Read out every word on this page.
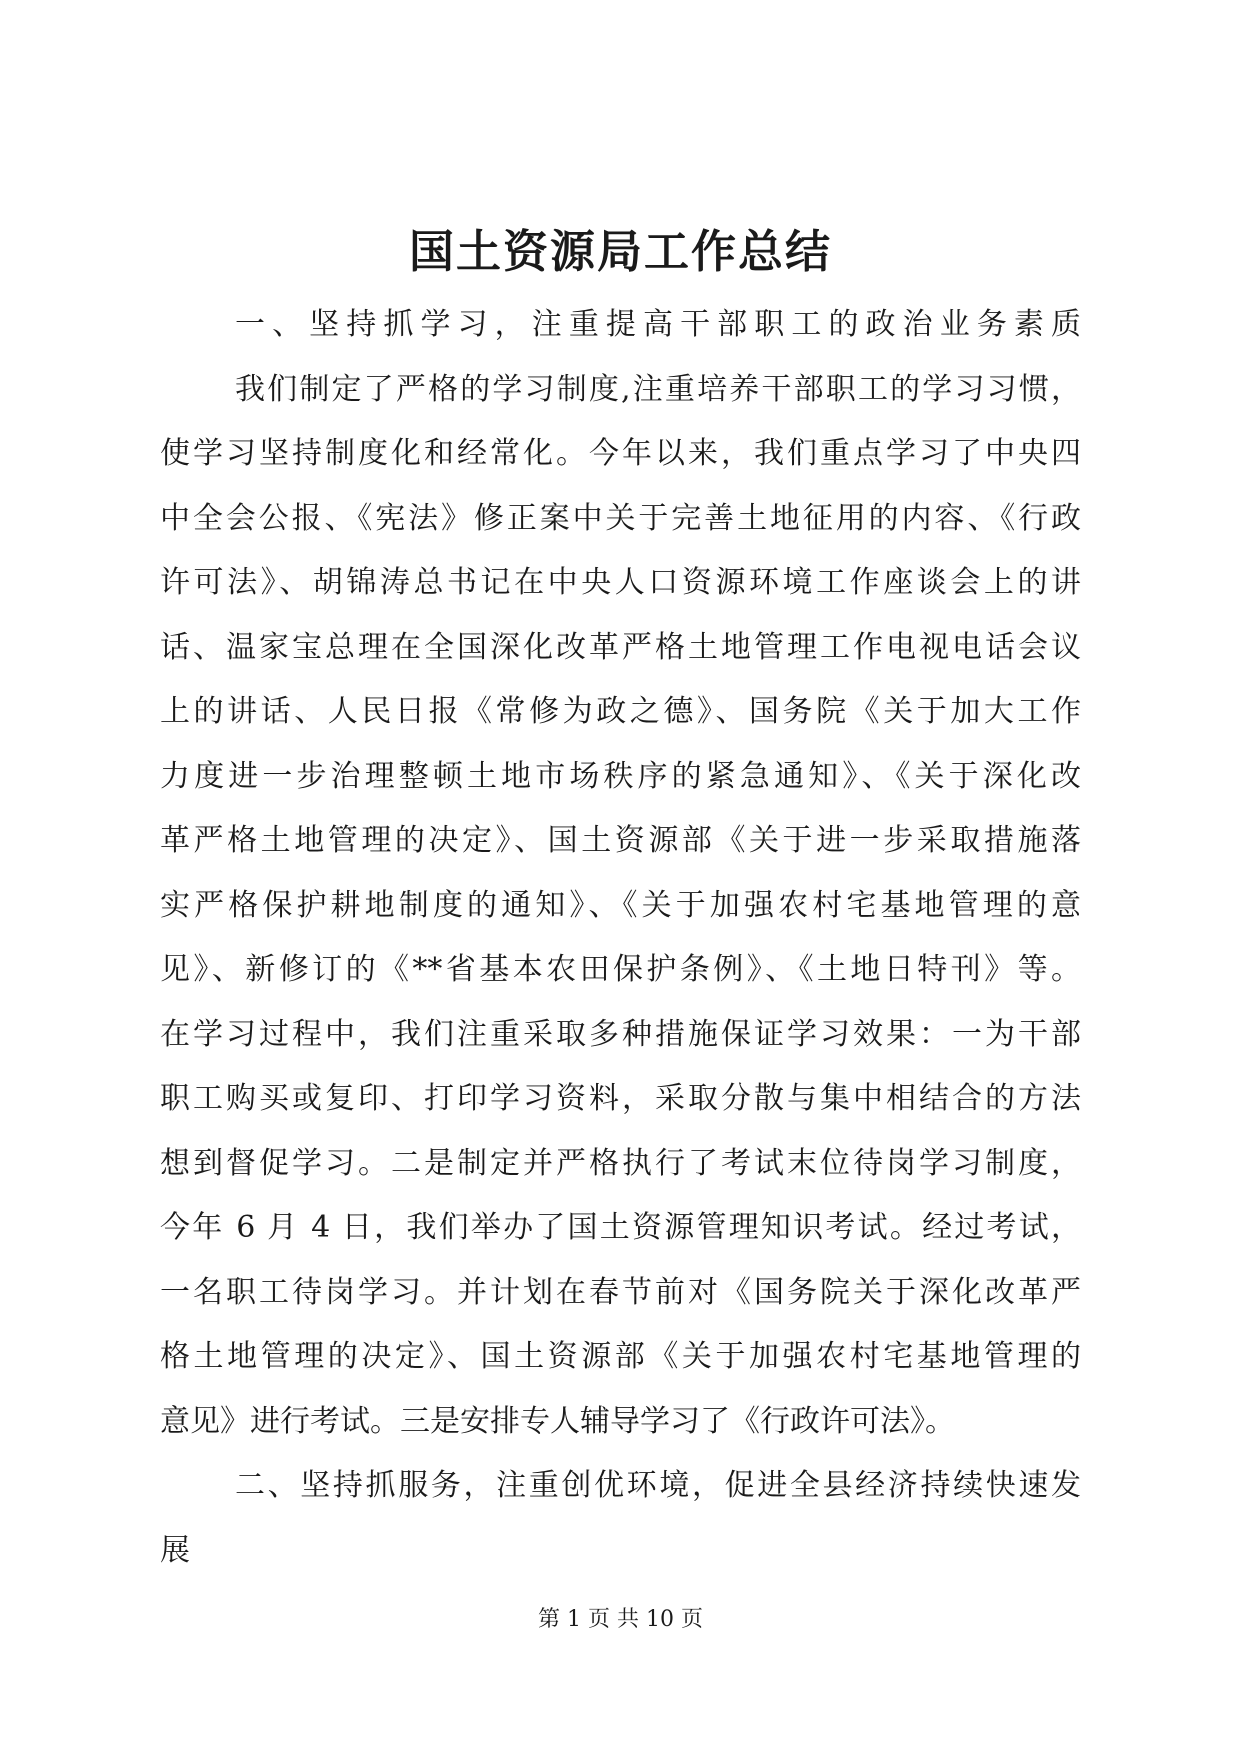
国土资源局工作总结
一、坚持抓学习，注重提高干部职工的政治业务素质
我们制定了严格的学习制度,注重培养干部职工的学习习惯，
使学习坚持制度化和经常化。今年以来，我们重点学习了中央四
中全会公报、《宪法》修正案中关于完善土地征用的内容、《行政
许可法》、胡锦涛总书记在中央人口资源环境工作座谈会上的讲
话、温家宝总理在全国深化改革严格土地管理工作电视电话会议
上的讲话、人民日报《常修为政之德》、国务院《关于加大工作
力度进一步治理整顿土地市场秩序的紧急通知》、《关于深化改
革严格土地管理的决定》、国土资源部《关于进一步采取措施落
实严格保护耕地制度的通知》、《关于加强农村宅基地管理的意
见》、新修订的《**省基本农田保护条例》、《土地日特刊》等。
在学习过程中，我们注重采取多种措施保证学习效果：一为干部
职工购买或复印、打印学习资料，采取分散与集中相结合的方法
想到督促学习。二是制定并严格执行了考试末位待岗学习制度，
今年 6 月 4 日，我们举办了国土资源管理知识考试。经过考试，
一名职工待岗学习。并计划在春节前对《国务院关于深化改革严
格土地管理的决定》、国土资源部《关于加强农村宅基地管理的
意见》进行考试。三是安排专人辅导学习了《行政许可法》。
二、坚持抓服务，注重创优环境，促进全县经济持续快速发
展
第 1 页 共 10 页
